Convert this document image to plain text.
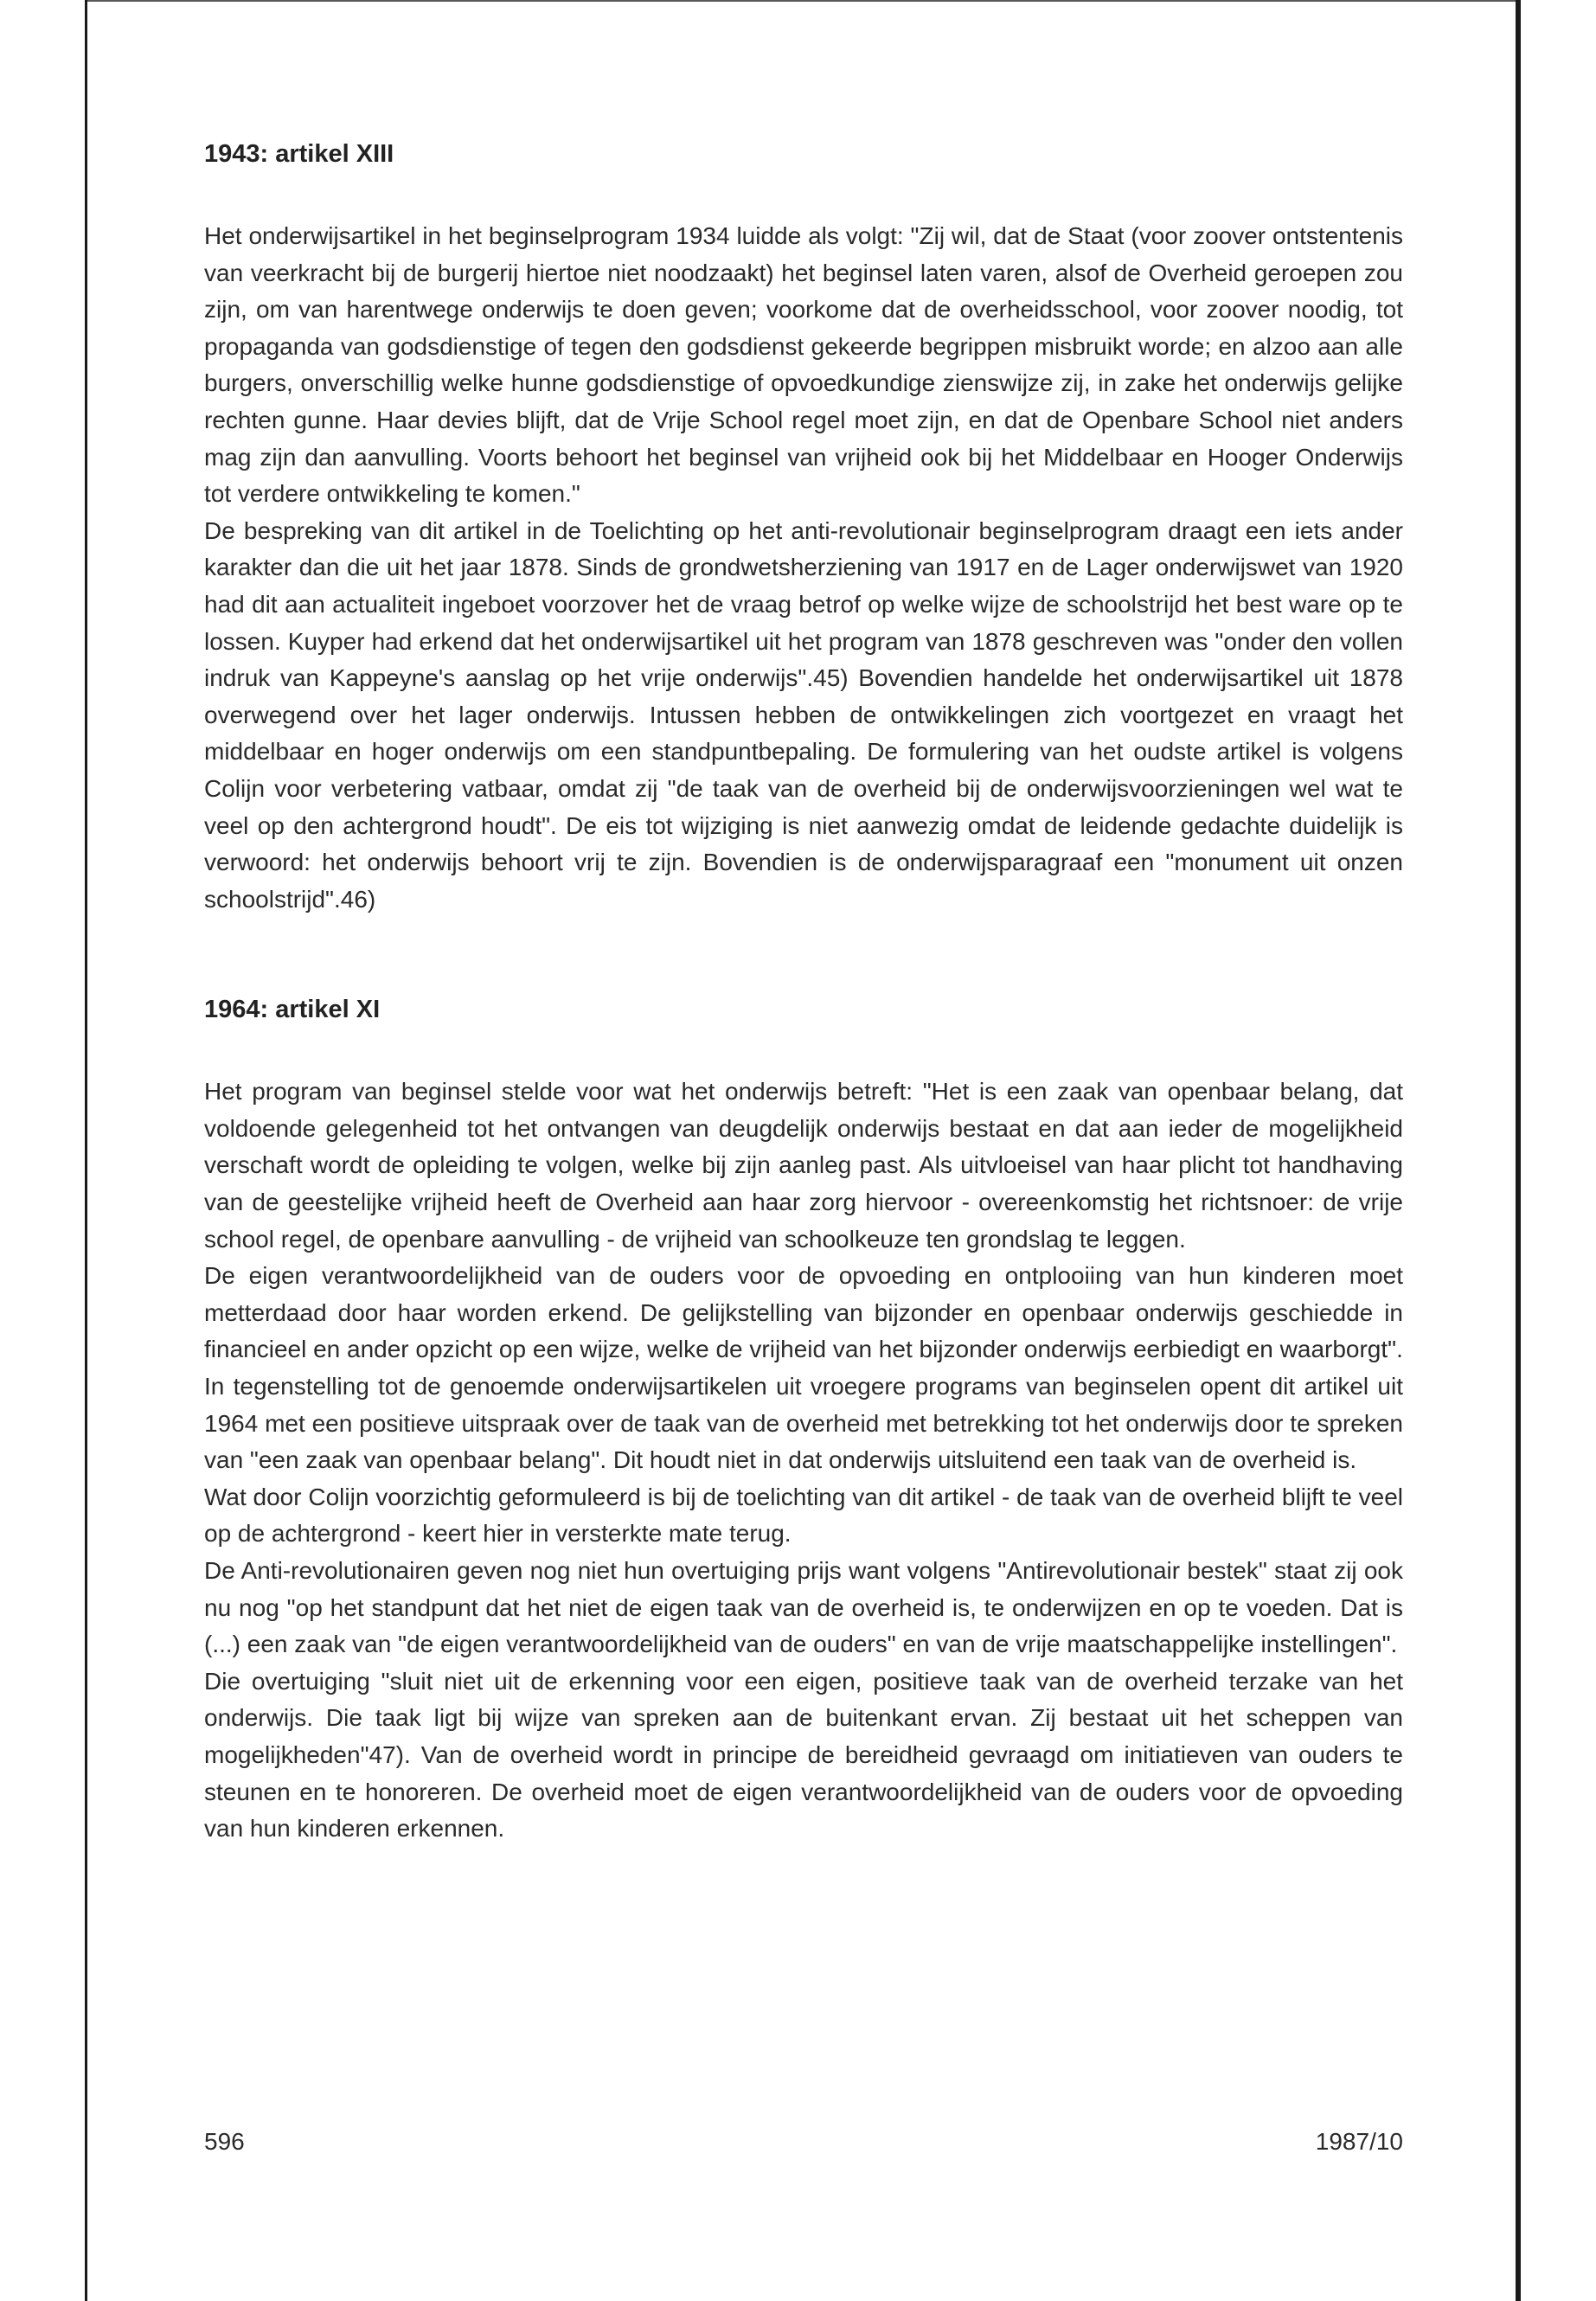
1943: artikel XIII

Het onderwijsartikel in het beginselprogram 1934 luidde als volgt: "Zij wil, dat de Staat (voor zoover ontstentenis van veerkracht bij de burgerij hiertoe niet noodzaakt) het beginsel laten varen, alsof de Overheid geroepen zou zijn, om van harentwege onderwijs te doen geven; voorkome dat de overheidsschool, voor zoover noodig, tot propaganda van godsdienstige of tegen den godsdienst gekeerde begrippen misbruikt worde; en alzoo aan alle burgers, onverschillig welke hunne godsdienstige of opvoedkundige zienswijze zij, in zake het onderwijs gelijke rechten gunne. Haar devies blijft, dat de Vrije School regel moet zijn, en dat de Openbare School niet anders mag zijn dan aanvulling. Voorts behoort het beginsel van vrijheid ook bij het Middelbaar en Hooger Onderwijs tot verdere ontwikkeling te komen."

De bespreking van dit artikel in de Toelichting op het anti-revolutionair beginselprogram draagt een iets ander karakter dan die uit het jaar 1878. Sinds de grondwetsherziening van 1917 en de Lager onderwijswet van 1920 had dit aan actualiteit ingeboet voorzover het de vraag betrof op welke wijze de schoolstrijd het best ware op te lossen. Kuyper had erkend dat het onderwijsartikel uit het program van 1878 geschreven was "onder den vollen indruk van Kappeyne's aanslag op het vrije onderwijs".45) Bovendien handelde het onderwijsartikel uit 1878 overwegend over het lager onderwijs. Intussen hebben de ontwikkelingen zich voortgezet en vraagt het middelbaar en hoger onderwijs om een standpuntbepaling. De formulering van het oudste artikel is volgens Colijn voor verbetering vatbaar, omdat zij "de taak van de overheid bij de onderwijsvoorzieningen wel wat te veel op den achtergrond houdt". De eis tot wijziging is niet aanwezig omdat de leidende gedachte duidelijk is verwoord: het onderwijs behoort vrij te zijn. Bovendien is de onderwijsparagraaf een "monument uit onzen schoolstrijd".46)

1964: artikel XI

Het program van beginsel stelde voor wat het onderwijs betreft: "Het is een zaak van openbaar belang, dat voldoende gelegenheid tot het ontvangen van deugdelijk onderwijs bestaat en dat aan ieder de mogelijkheid verschaft wordt de opleiding te volgen, welke bij zijn aanleg past. Als uitvloeisel van haar plicht tot handhaving van de geestelijke vrijheid heeft de Overheid aan haar zorg hiervoor - overeenkomstig het richtsnoer: de vrije school regel, de openbare aanvulling - de vrijheid van schoolkeuze ten grondslag te leggen.

De eigen verantwoordelijkheid van de ouders voor de opvoeding en ontplooiing van hun kinderen moet metterdaad door haar worden erkend. De gelijkstelling van bijzonder en openbaar onderwijs geschiedde in financieel en ander opzicht op een wijze, welke de vrijheid van het bijzonder onderwijs eerbiedigt en waarborgt".

In tegenstelling tot de genoemde onderwijsartikelen uit vroegere programs van beginselen opent dit artikel uit 1964 met een positieve uitspraak over de taak van de overheid met betrekking tot het onderwijs door te spreken van "een zaak van openbaar belang". Dit houdt niet in dat onderwijs uitsluitend een taak van de overheid is.

Wat door Colijn voorzichtig geformuleerd is bij de toelichting van dit artikel - de taak van de overheid blijft te veel op de achtergrond - keert hier in versterkte mate terug.

De Anti-revolutionairen geven nog niet hun overtuiging prijs want volgens "Antirevolutionair bestek" staat zij ook nu nog "op het standpunt dat het niet de eigen taak van de overheid is, te onderwijzen en op te voeden. Dat is (...) een zaak van "de eigen verantwoordelijkheid van de ouders" en van de vrije maatschappelijke instellingen".

Die overtuiging "sluit niet uit de erkenning voor een eigen, positieve taak van de overheid terzake van het onderwijs. Die taak ligt bij wijze van spreken aan de buitenkant ervan. Zij bestaat uit het scheppen van mogelijkheden"47). Van de overheid wordt in principe de bereidheid gevraagd om initiatieven van ouders te steunen en te honoreren. De overheid moet de eigen verantwoordelijkheid van de ouders voor de opvoeding van hun kinderen erkennen.

596	1987/10
